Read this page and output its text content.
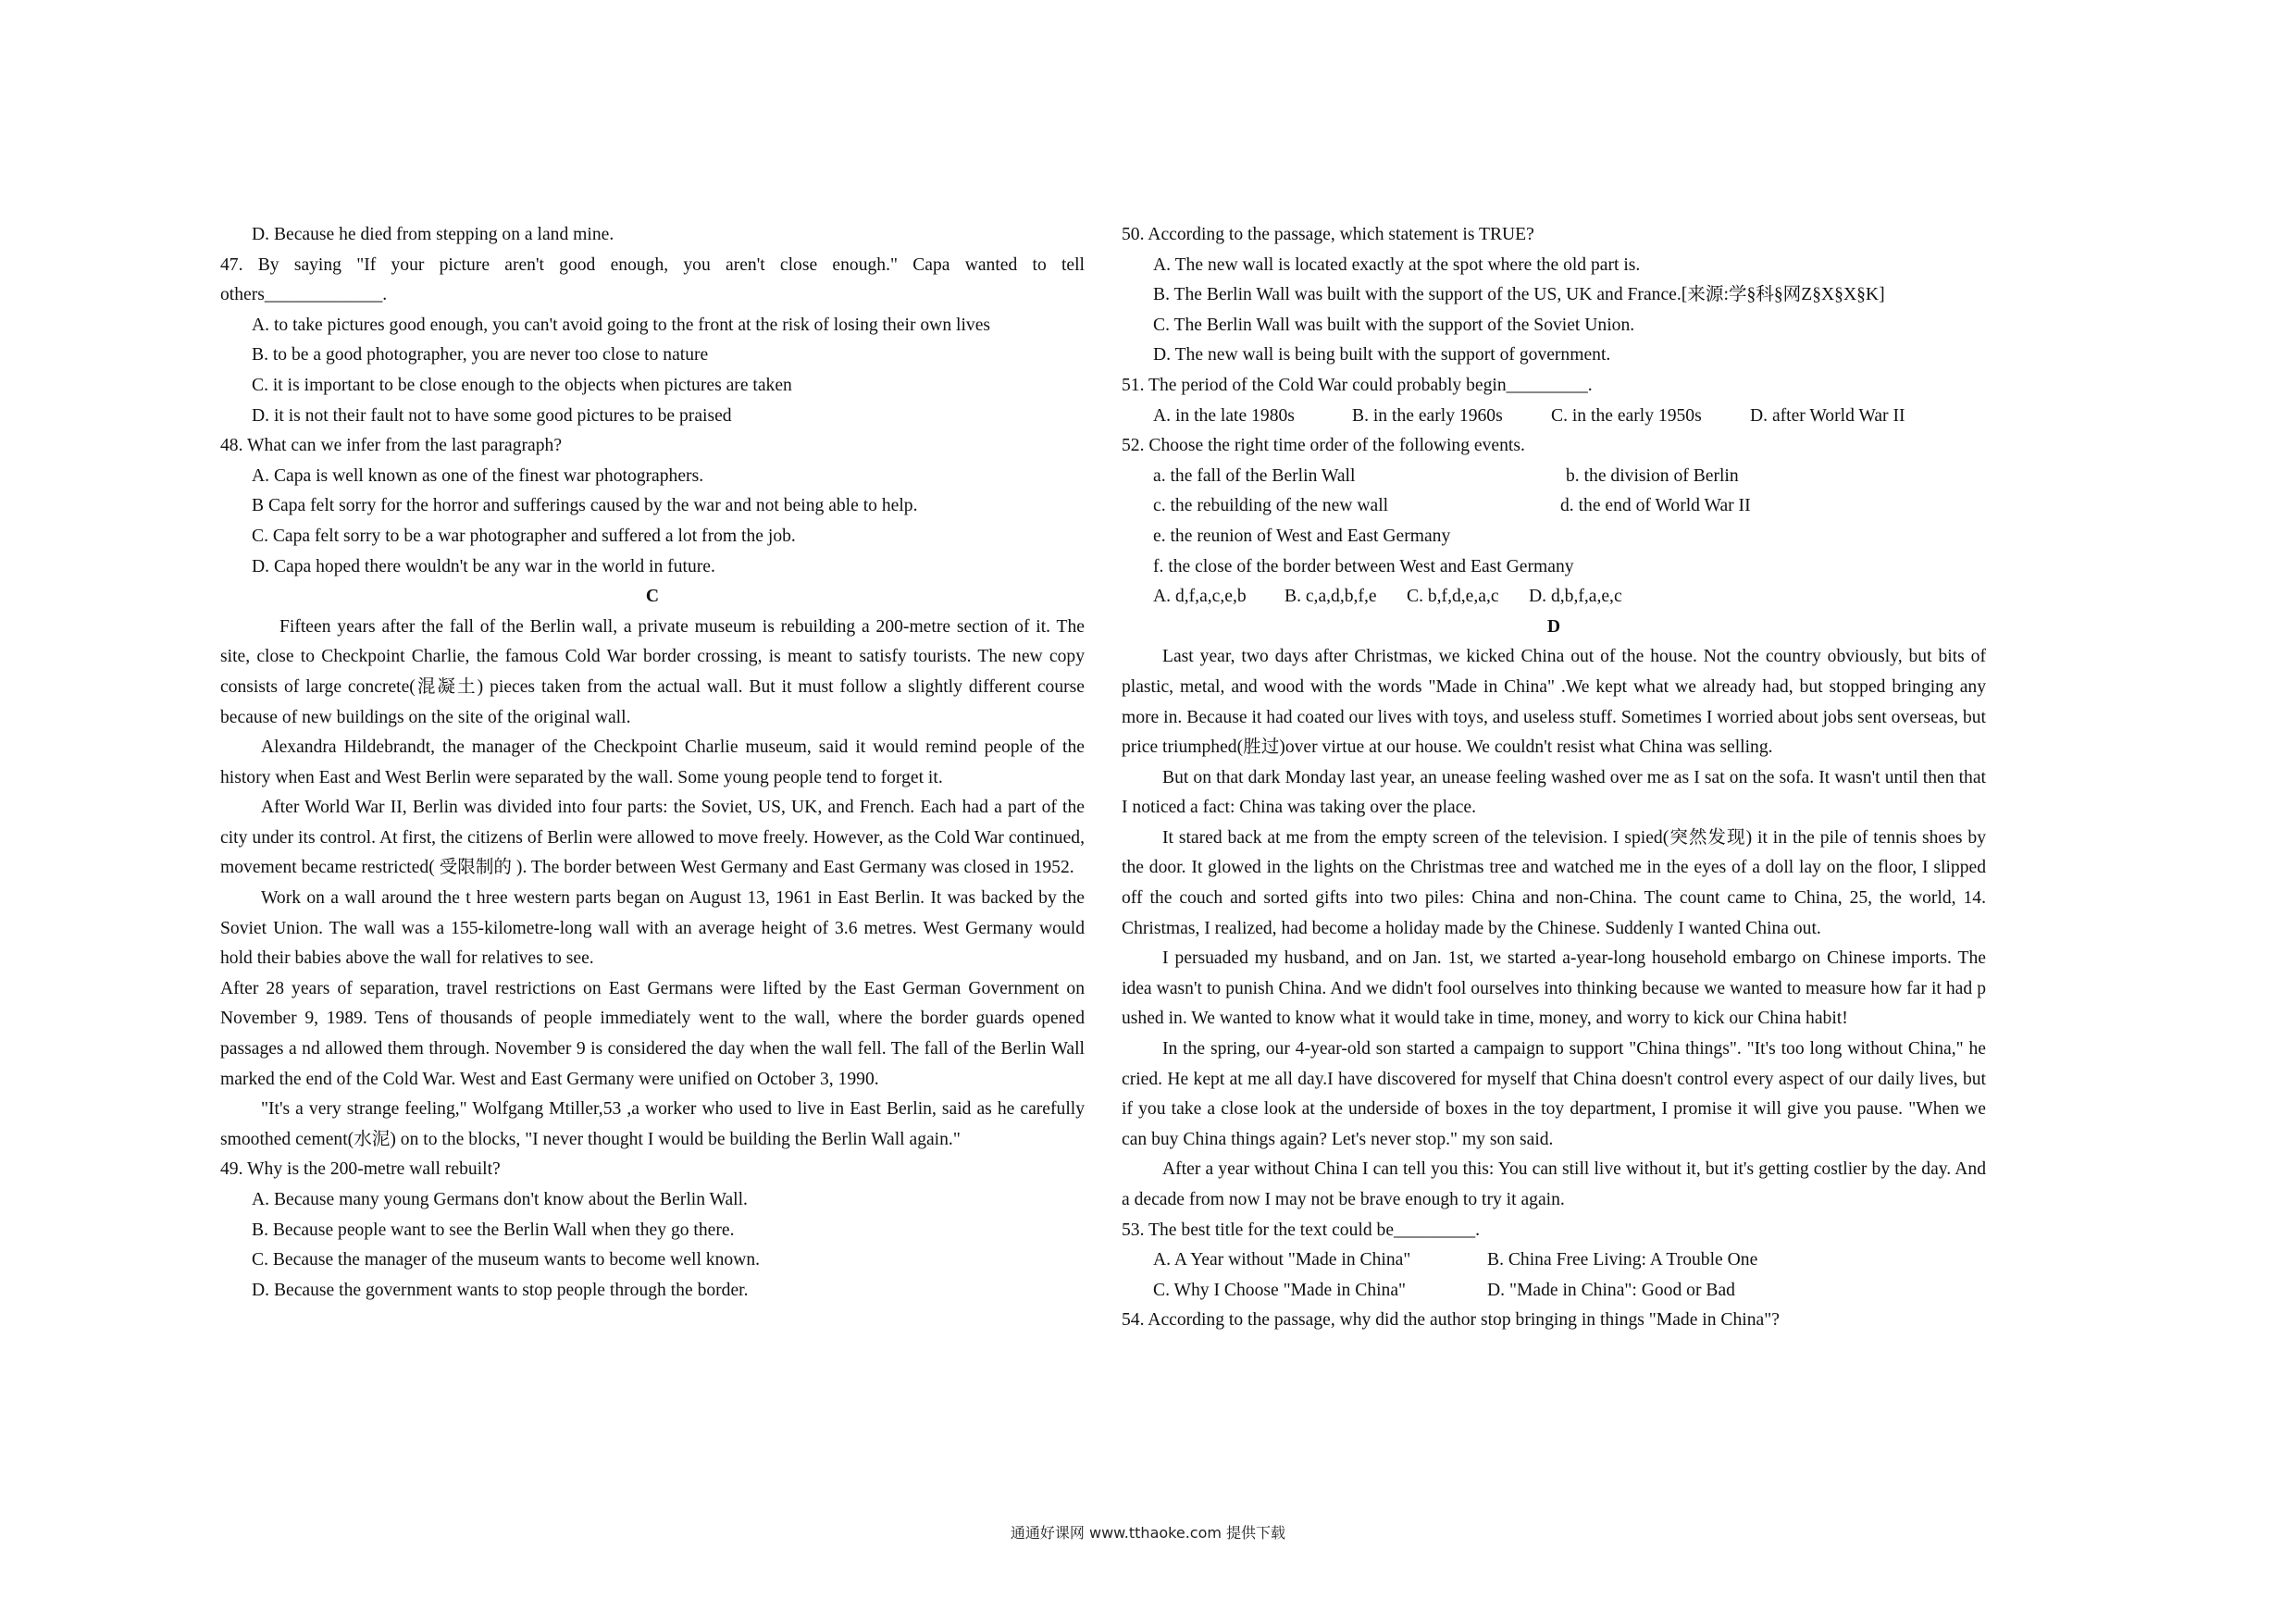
D. Because he died from stepping on a land mine.
47. By saying "If your picture aren't good enough, you aren't close enough." Capa wanted to tell others_____________.
A. to take pictures good enough, you can't avoid going to the front at the risk of losing their own lives
B. to be a good photographer, you are never too close to nature
C. it is important to be close enough to the objects when pictures are taken
D. it is not their fault not to have some good pictures to be praised
48. What can we infer from the last paragraph?
A. Capa is well known as one of the finest war photographers.
B Capa felt sorry for the horror and sufferings caused by the war and not being able to help.
C. Capa felt sorry to be a war photographer and suffered a lot from the job.
D. Capa hoped there wouldn't be any war in the world in future.
C
Fifteen years after the fall of the Berlin wall, a private museum is rebuilding a 200-metre section of it. The site, close to Checkpoint Charlie, the famous Cold War border crossing, is meant to satisfy tourists. The new copy consists of large concrete(混凝土) pieces taken from the actual wall. But it must follow a slightly different course because of new buildings on the site of the original wall.
Alexandra Hildebrandt, the manager of the Checkpoint Charlie museum, said it would remind people of the history when East and West Berlin were separated by the wall. Some young people tend to forget it.
After World War II, Berlin was divided into four parts: the Soviet, US, UK, and French. Each had a part of the city under its control. At first, the citizens of Berlin were allowed to move freely. However, as the Cold War continued, movement became restricted( 受限制的 ). The border between West Germany and East Germany was closed in 1952.
Work on a wall around the t hree western parts began on August 13, 1961 in East Berlin. It was backed by the Soviet Union. The wall was a 155-kilometre-long wall with an average height of 3.6 metres. West Germany would hold their babies above the wall for relatives to see.
After 28 years of separation, travel restrictions on East Germans were lifted by the East German Government on November 9, 1989. Tens of thousands of people immediately went to the wall, where the border guards opened passages a nd allowed them through. November 9 is considered the day when the wall fell. The fall of the Berlin Wall marked the end of the Cold War. West and East Germany were unified on October 3, 1990.
"It's a very strange feeling," Wolfgang Mtiller,53 ,a worker who used to live in East Berlin, said as he carefully smoothed cement(水泥) on to the blocks, "I never thought I would be building the Berlin Wall again."
49. Why is the 200-metre wall rebuilt?
A. Because many young Germans don't know about the Berlin Wall.
B. Because people want to see the Berlin Wall when they go there.
C. Because the manager of the museum wants to become well known.
D. Because the government wants to stop people through the border.
50. According to the passage, which statement is TRUE?
A. The new wall is located exactly at the spot where the old part is.
B. The Berlin Wall was built with the support of the US, UK and France.[来源:学§科§网Z§X§X§K]
C. The Berlin Wall was built with the support of the Soviet Union.
D. The new wall is being built with the support of government.
51. The period of the Cold War could probably begin_________.
A. in the late 1980s	B. in the early 1960s	C. in the early 1950s	D. after World War II
52. Choose the right time order of the following events.
a. the fall of the Berlin Wall	b. the division of Berlin
c. the rebuilding of the new wall	d. the end of World War II
e. the reunion of West and East Germany
f. the close of the border between West and East Germany
A. d,f,a,c,e,b	B. c,a,d,b,f,e	C. b,f,d,e,a,c	D. d,b,f,a,e,c
D
Last year, two days after Christmas, we kicked China out of the house. Not the country obviously, but bits of plastic, metal, and wood with the words "Made in China" .We kept what we already had, but stopped bringing any more in. Because it had coated our lives with toys, and useless stuff. Sometimes I worried about jobs sent overseas, but price triumphed(胜过)over virtue at our house. We couldn't resist what China was selling.
But on that dark Monday last year, an unease feeling washed over me as I sat on the sofa. It wasn't until then that I noticed a fact: China was taking over the place.
It stared back at me from the empty screen of the television. I spied(突然发现) it in the pile of tennis shoes by the door. It glowed in the lights on the Christmas tree and watched me in the eyes of a doll lay on the floor, I slipped off the couch and sorted gifts into two piles: China and non-China. The count came to China, 25, the world, 14. Christmas, I realized, had become a holiday made by the Chinese. Suddenly I wanted China out.
I persuaded my husband, and on Jan. 1st, we started a-year-long household embargo on Chinese imports. The idea wasn't to punish China. And we didn't fool ourselves into thinking because we wanted to measure how far it had p ushed in. We wanted to know what it would take in time, money, and worry to kick our China habit!
In the spring, our 4-year-old son started a campaign to support "China things". "It's too long without China," he cried. He kept at me all day.I have discovered for myself that China doesn't control every aspect of our daily lives, but if you take a close look at the underside of boxes in the toy department, I promise it will give you pause. "When we can buy China things again? Let's never stop." my son said.
After a year without China I can tell you this: You can still live without it, but it's getting costlier by the day. And a decade from now I may not be brave enough to try it again.
53. The best title for the text could be_________.
A. A Year without "Made in China"	B. China Free Living: A Trouble One
C. Why I Choose "Made in China"	D. "Made in China": Good or Bad
54. According to the passage, why did the author stop bringing in things "Made in China"?
通通好课网 www.tthaoke.com 提供下载
